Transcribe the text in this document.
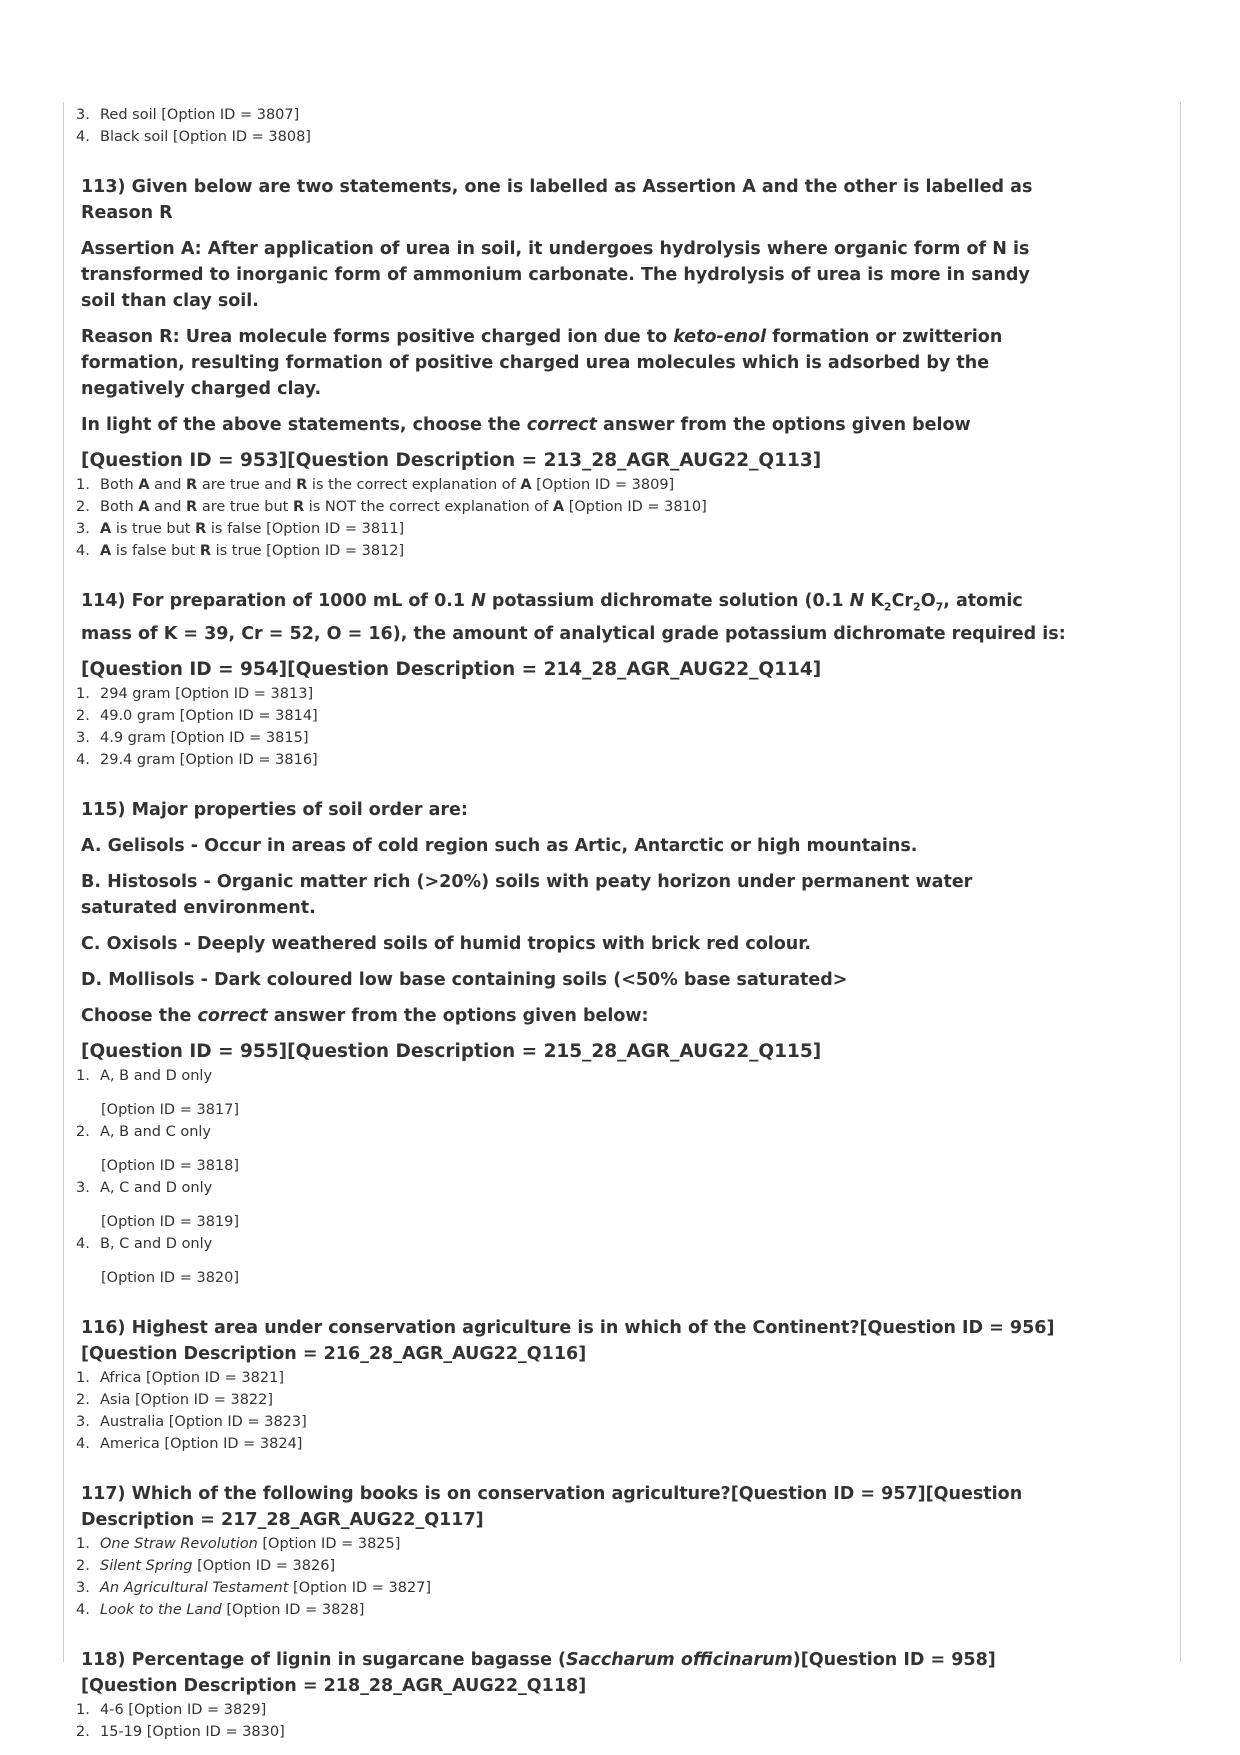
3. Red soil [Option ID = 3807]
4. Black soil [Option ID = 3808]
113) Given below are two statements, one is labelled as Assertion A and the other is labelled as Reason R

Assertion A: After application of urea in soil, it undergoes hydrolysis where organic form of N is transformed to inorganic form of ammonium carbonate. The hydrolysis of urea is more in sandy soil than clay soil.

Reason R: Urea molecule forms positive charged ion due to keto-enol formation or zwitterion formation, resulting formation of positive charged urea molecules which is adsorbed by the negatively charged clay.

In light of the above statements, choose the correct answer from the options given below

[Question ID = 953][Question Description = 213_28_AGR_AUG22_Q113]

1. Both A and R are true and R is the correct explanation of A [Option ID = 3809]
2. Both A and R are true but R is NOT the correct explanation of A [Option ID = 3810]
3. A is true but R is false [Option ID = 3811]
4. A is false but R is true [Option ID = 3812]
114) For preparation of 1000 mL of 0.1 N potassium dichromate solution (0.1 N $K_2Cr_2O_7$, atomic mass of K = 39, Cr = 52, O = 16), the amount of analytical grade potassium dichromate required is:

[Question ID = 954][Question Description = 214_28_AGR_AUG22_Q114]

1. 294 gram [Option ID = 3813]
2. 49.0 gram [Option ID = 3814]
3. 4.9 gram [Option ID = 3815]
4. 29.4 gram [Option ID = 3816]
115) Major properties of soil order are:

A. Gelisols - Occur in areas of cold region such as Artic, Antarctic or high mountains.

B. Histosols - Organic matter rich (>20%) soils with peaty horizon under permanent water saturated environment.

C. Oxisols - Deeply weathered soils of humid tropics with brick red colour.

D. Mollisols - Dark coloured low base containing soils (<50% base saturated>

Choose the correct answer from the options given below:

[Question ID = 955][Question Description = 215_28_AGR_AUG22_Q115]

1. A, B and D only
[Option ID = 3817]
2. A, B and C only
[Option ID = 3818]
3. A, C and D only
[Option ID = 3819]
4. B, C and D only
[Option ID = 3820]
116) Highest area under conservation agriculture is in which of the Continent?[Question ID = 956][Question Description = 216_28_AGR_AUG22_Q116]
1. Africa [Option ID = 3821]
2. Asia [Option ID = 3822]
3. Australia [Option ID = 3823]
4. America [Option ID = 3824]
117) Which of the following books is on conservation agriculture?[Question ID = 957][Question Description = 217_28_AGR_AUG22_Q117]
1. One Straw Revolution [Option ID = 3825]
2. Silent Spring [Option ID = 3826]
3. An Agricultural Testament [Option ID = 3827]
4. Look to the Land [Option ID = 3828]
118) Percentage of lignin in sugarcane bagasse (Saccharum officinarum)[Question ID = 958][Question Description = 218_28_AGR_AUG22_Q118]
1. 4-6 [Option ID = 3829]
2. 15-19 [Option ID = 3830]
